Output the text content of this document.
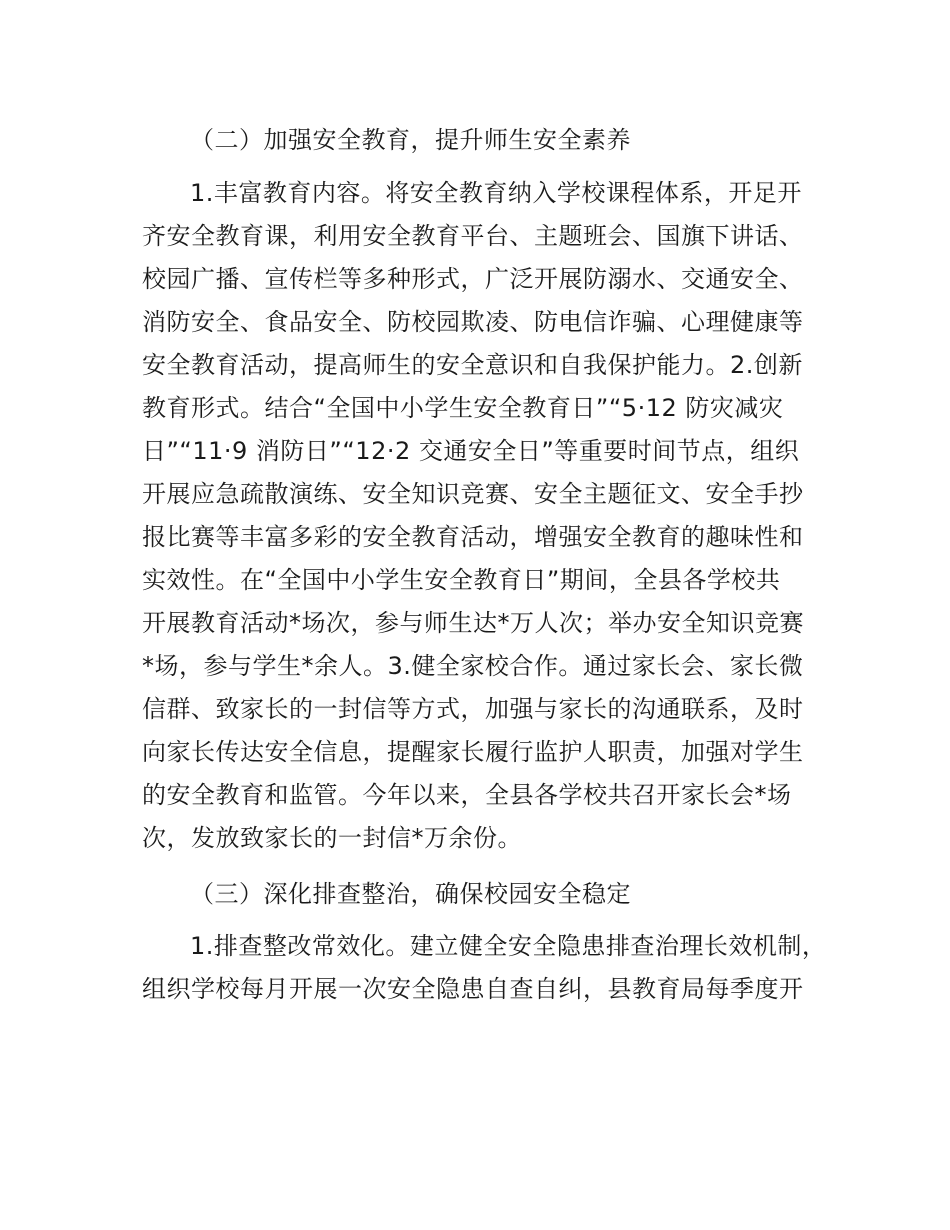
（二）加强安全教育，提升师生安全素养
1.丰富教育内容。将安全教育纳入学校课程体系，开足开
齐安全教育课，利用安全教育平台、主题班会、国旗下讲话、
校园广播、宣传栏等多种形式，广泛开展防溺水、交通安全、
消防安全、食品安全、防校园欺凌、防电信诈骗、心理健康等
安全教育活动，提高师生的安全意识和自我保护能力。2.创新
教育形式。结合“全国中小学生安全教育日”“5·12 防灾减灾
日”“11·9 消防日”“12·2 交通安全日”等重要时间节点，组织
开展应急疏散演练、安全知识竞赛、安全主题征文、安全手抄
报比赛等丰富多彩的安全教育活动，增强安全教育的趣味性和
实效性。在“全国中小学生安全教育日”期间，全县各学校共
开展教育活动*场次，参与师生达*万人次；举办安全知识竞赛
*场，参与学生*余人。3.健全家校合作。通过家长会、家长微
信群、致家长的一封信等方式，加强与家长的沟通联系，及时
向家长传达安全信息，提醒家长履行监护人职责，加强对学生
的安全教育和监管。今年以来，全县各学校共召开家长会*场
次，发放致家长的一封信*万余份。
（三）深化排查整治，确保校园安全稳定
1.排查整改常效化。建立健全安全隐患排查治理长效机制，
组织学校每月开展一次安全隐患自查自纠，县教育局每季度开
